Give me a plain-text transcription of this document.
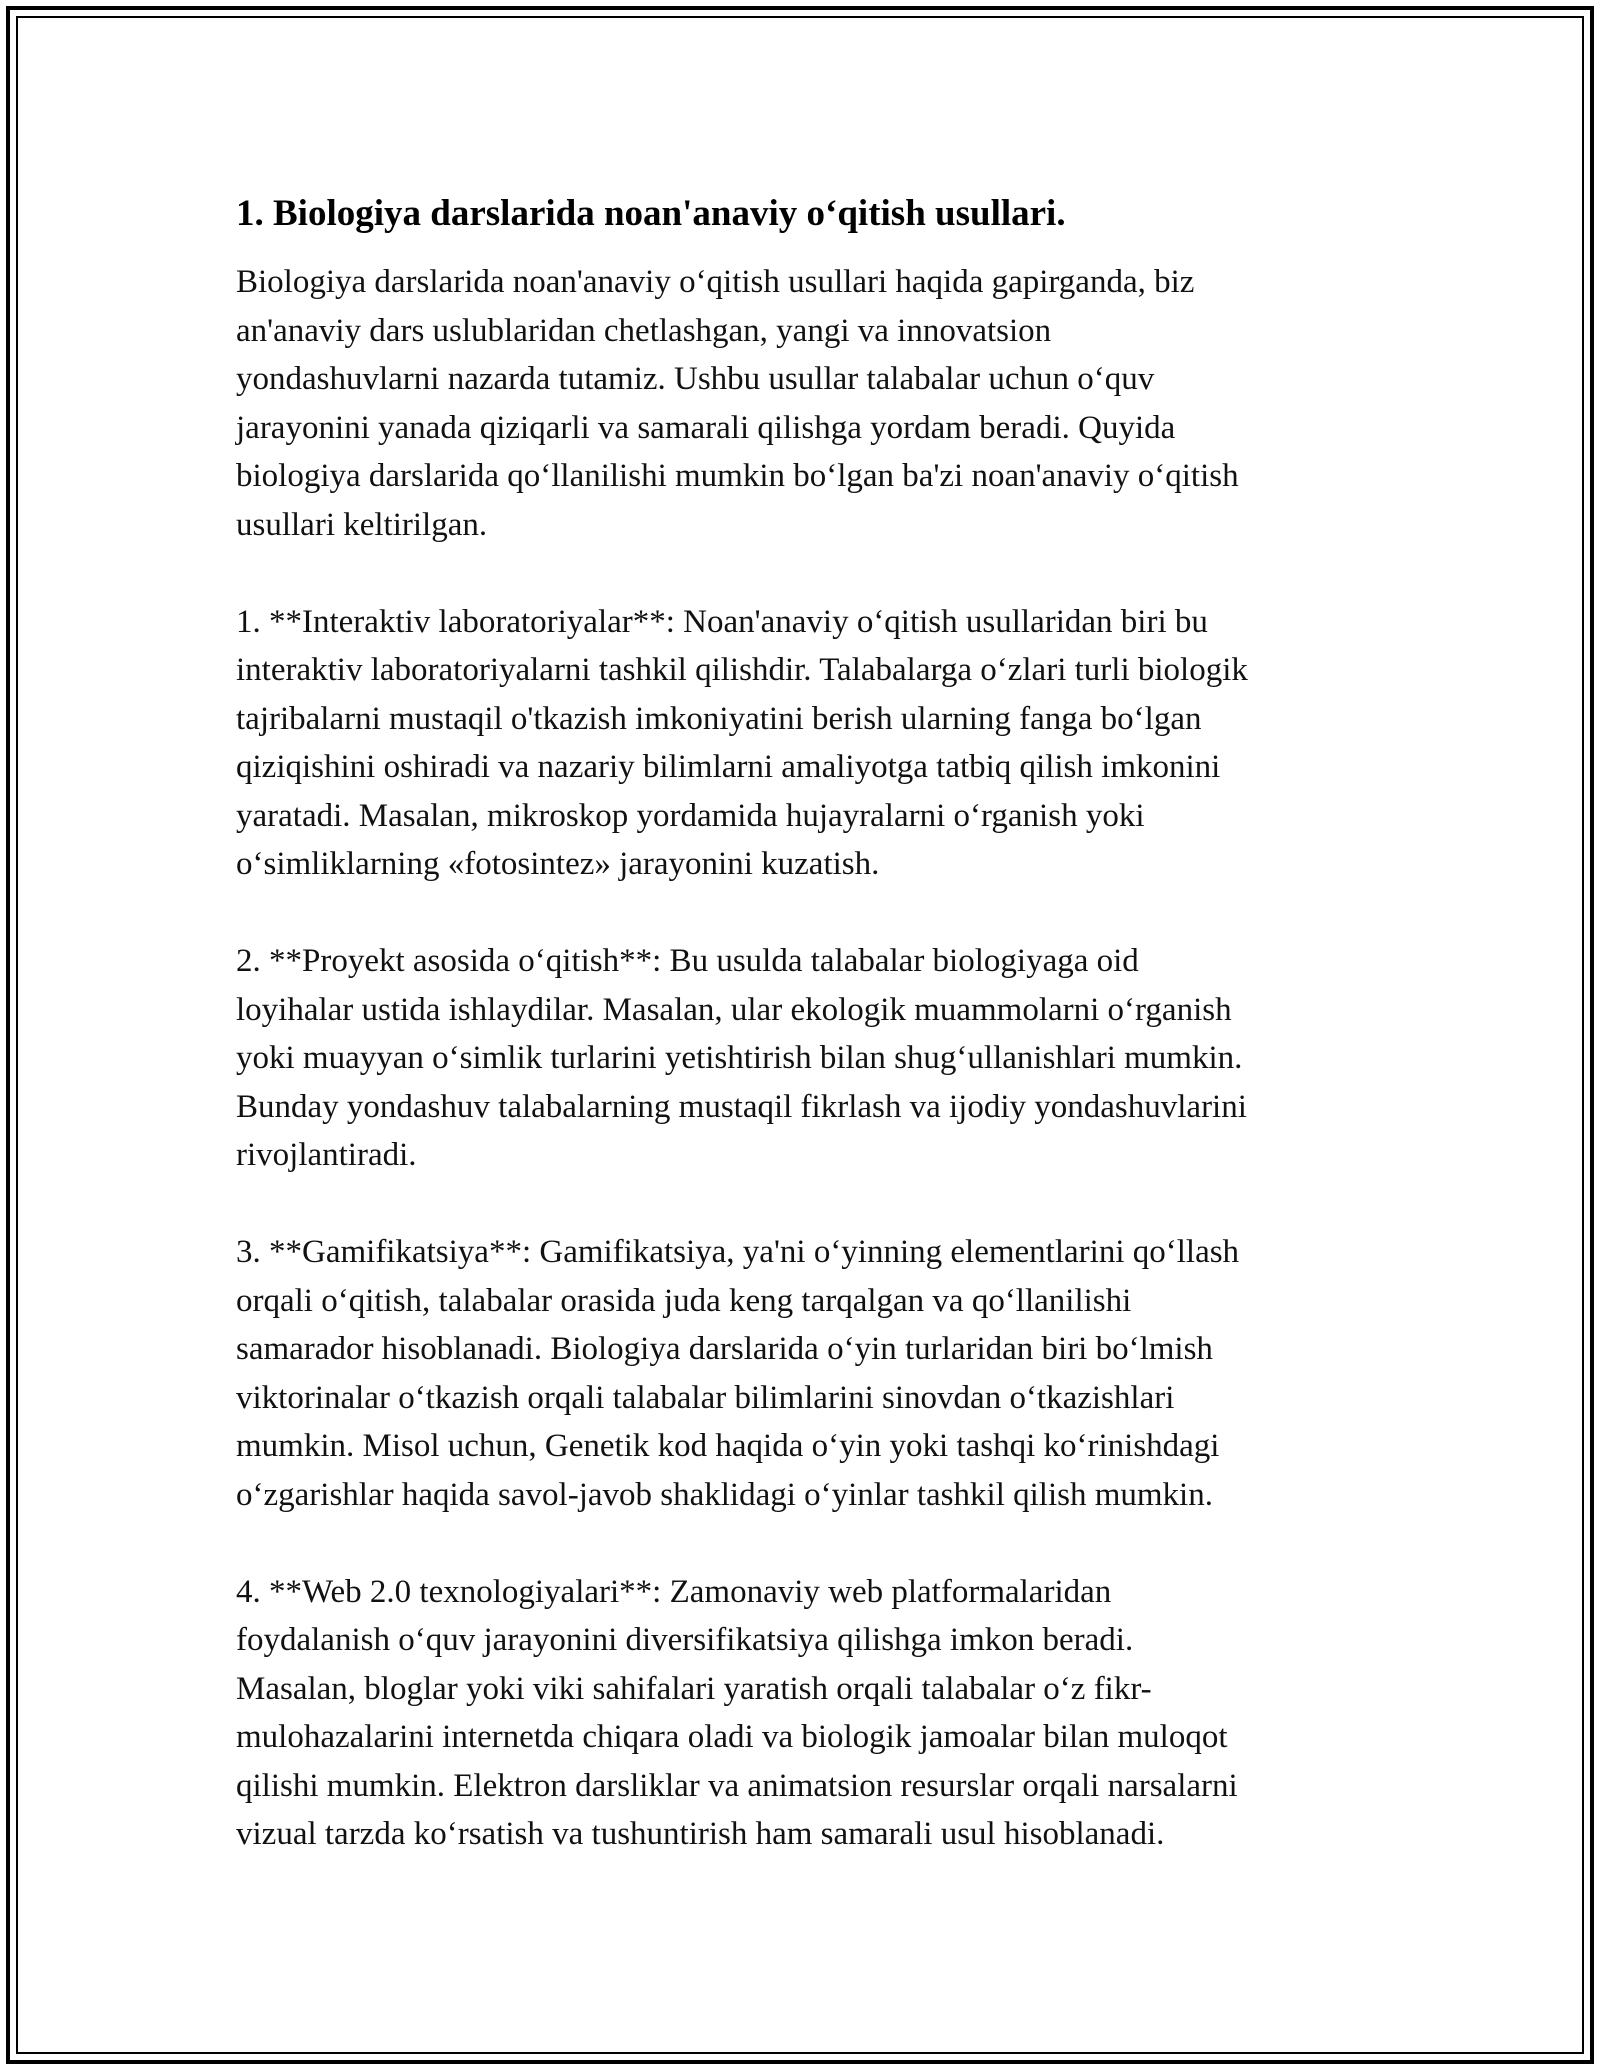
1. Biologiya darslarida noan'anaviy o‘qitish usullari.

Biologiya darslarida noan'anaviy o‘qitish usullari haqida gapirganda, biz
an'anaviy dars uslublaridan chetlashgan, yangi va innovatsion
yondashuvlarni nazarda tutamiz. Ushbu usullar talabalar uchun o‘quv
jarayonini yanada qiziqarli va samarali qilishga yordam beradi. Quyida
biologiya darslarida qo‘llanilishi mumkin bo‘lgan ba'zi noan'anaviy o‘qitish
usullari keltirilgan.

1. **Interaktiv laboratoriyalar**: Noan'anaviy o‘qitish usullaridan biri bu
interaktiv laboratoriyalarni tashkil qilishdir. Talabalarga o‘zlari turli biologik
tajribalarni mustaqil o'tkazish imkoniyatini berish ularning fanga bo‘lgan
qiziqishini oshiradi va nazariy bilimlarni amaliyotga tatbiq qilish imkonini
yaratadi. Masalan, mikroskop yordamida hujayralarni o‘rganish yoki
o‘simliklarning «fotosintez» jarayonini kuzatish.

2. **Proyekt asosida o‘qitish**: Bu usulda talabalar biologiyaga oid
loyihalar ustida ishlaydilar. Masalan, ular ekologik muammolarni o‘rganish
yoki muayyan o‘simlik turlarini yetishtirish bilan shug‘ullanishlari mumkin.
Bunday yondashuv talabalarning mustaqil fikrlash va ijodiy yondashuvlarini
rivojlantiradi.

3. **Gamifikatsiya**: Gamifikatsiya, ya'ni o‘yinning elementlarini qo‘llash
orqali o‘qitish, talabalar orasida juda keng tarqalgan va qo‘llanilishi
samarador hisoblanadi. Biologiya darslarida o‘yin turlaridan biri bo‘lmish
viktorinalar o‘tkazish orqali talabalar bilimlarini sinovdan o‘tkazishlari
mumkin. Misol uchun, Genetik kod haqida o‘yin yoki tashqi ko‘rinishdagi
o‘zgarishlar haqida savol-javob shaklidagi o‘yinlar tashkil qilish mumkin.

4. **Web 2.0 texnologiyalari**: Zamonaviy web platformalaridan
foydalanish o‘quv jarayonini diversifikatsiya qilishga imkon beradi.
Masalan, bloglar yoki viki sahifalari yaratish orqali talabalar o‘z fikr-
mulohazalarini internetda chiqara oladi va biologik jamoalar bilan muloqot
qilishi mumkin. Elektron darsliklar va animatsion resurslar orqali narsalarni
vizual tarzda ko‘rsatish va tushuntirish ham samarali usul hisoblanadi.
